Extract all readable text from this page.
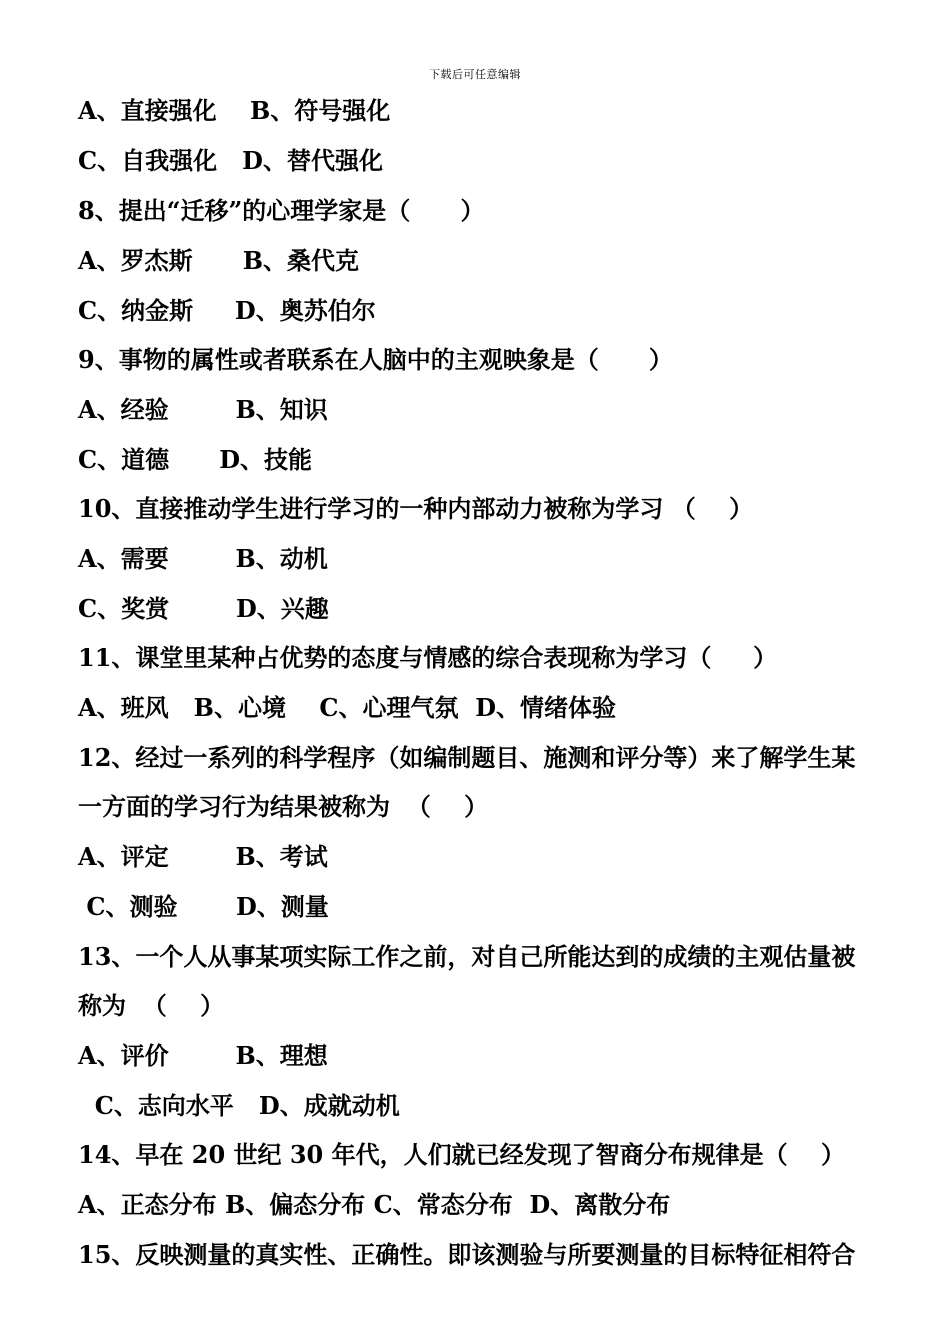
下载后可任意编辑
A、直接强化    B、符号强化
C、自我强化   D、替代强化
8、提出“迁移”的心理学家是（      ）
A、罗杰斯      B、桑代克
C、纳金斯     D、奥苏伯尔
9、事物的属性或者联系在人脑中的主观映象是（      ）
A、经验        B、知识
C、道德      D、技能
10、直接推动学生进行学习的一种内部动力被称为学习 （    ）
A、需要        B、动机
C、奖赏        D、兴趣
11、课堂里某种占优势的态度与情感的综合表现称为学习（     ）
A、班风   B、心境    C、心理气氛  D、情绪体验
12、经过一系列的科学程序（如编制题目、施测和评分等）来了解学生某
一方面的学习行为结果被称为  （    ）
A、评定        B、考试
C、测验       D、测量
13、一个人从事某项实际工作之前，对自己所能达到的成绩的主观估量被
称为  （    ）
A、评价        B、理想
C、志向水平   D、成就动机
14、早在 20 世纪 30 年代，人们就已经发现了智商分布规律是（    ）
A、正态分布 B、偏态分布 C、常态分布  D、离散分布
15、反映测量的真实性、正确性。即该测验与所要测量的目标特征相符合
